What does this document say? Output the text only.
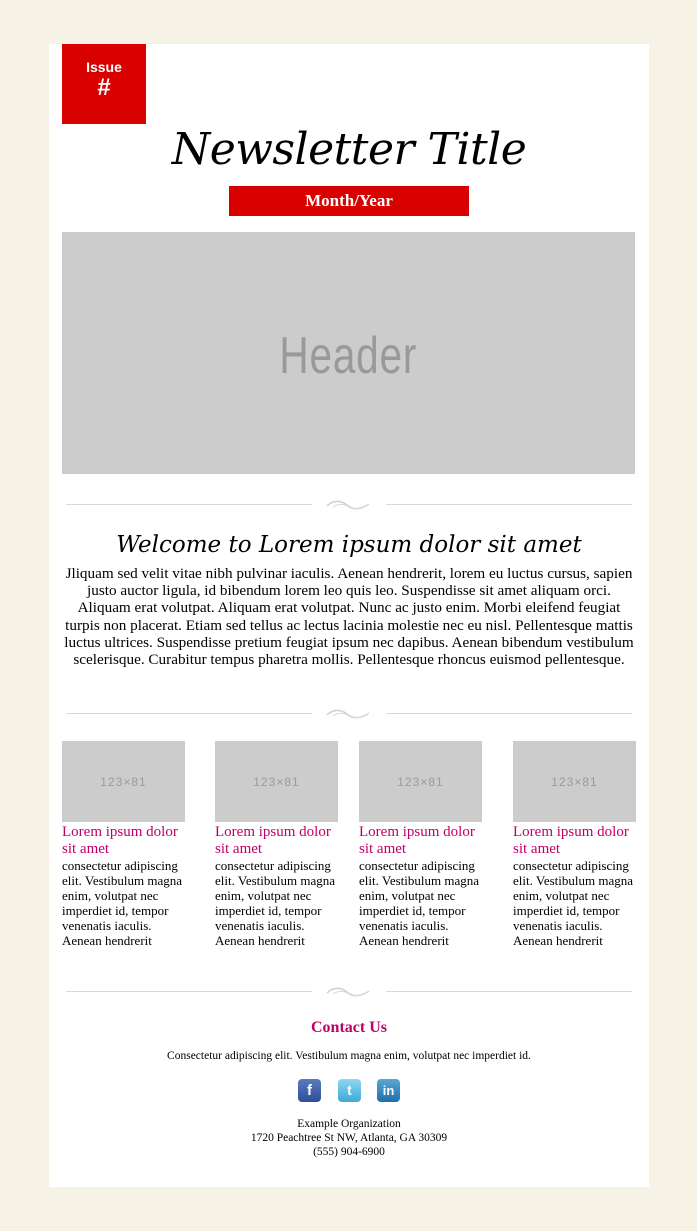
Issue
#
Newsletter Title
Month/Year
Header
Welcome to Lorem ipsum dolor sit amet

Jliquam sed velit vitae nibh pulvinar iaculis. Aenean hendrerit, lorem eu luctus cursus, sapien justo auctor ligula, id bibendum lorem leo quis leo. Suspendisse sit amet aliquam orci. Aliquam erat volutpat. Aliquam erat volutpat. Nunc ac justo enim. Morbi eleifend feugiat turpis non placerat. Etiam sed tellus ac lectus lacinia molestie nec eu nisl. Pellentesque mattis luctus ultrices. Suspendisse pretium feugiat ipsum nec dapibus. Aenean bibendum vestibulum scelerisque. Curabitur tempus pharetra mollis. Pellentesque rhoncus euismod pellentesque.

123×81
Lorem ipsum dolor sit amet
consectetur adipiscing elit. Vestibulum magna enim, volutpat nec imperdiet id, tempor venenatis iaculis. Aenean hendrerit
123×81
Lorem ipsum dolor sit amet
consectetur adipiscing elit. Vestibulum magna enim, volutpat nec imperdiet id, tempor venenatis iaculis. Aenean hendrerit
123×81
Lorem ipsum dolor sit amet
consectetur adipiscing elit. Vestibulum magna enim, volutpat nec imperdiet id, tempor venenatis iaculis. Aenean hendrerit
123×81
Lorem ipsum dolor sit amet
consectetur adipiscing elit. Vestibulum magna enim, volutpat nec imperdiet id, tempor venenatis iaculis. Aenean hendrerit
Contact Us
Consectetur adipiscing elit. Vestibulum magna enim, volutpat nec imperdiet id.
f	t	in
Example Organization
1720 Peachtree St NW, Atlanta, GA 30309
(555) 904-6900
